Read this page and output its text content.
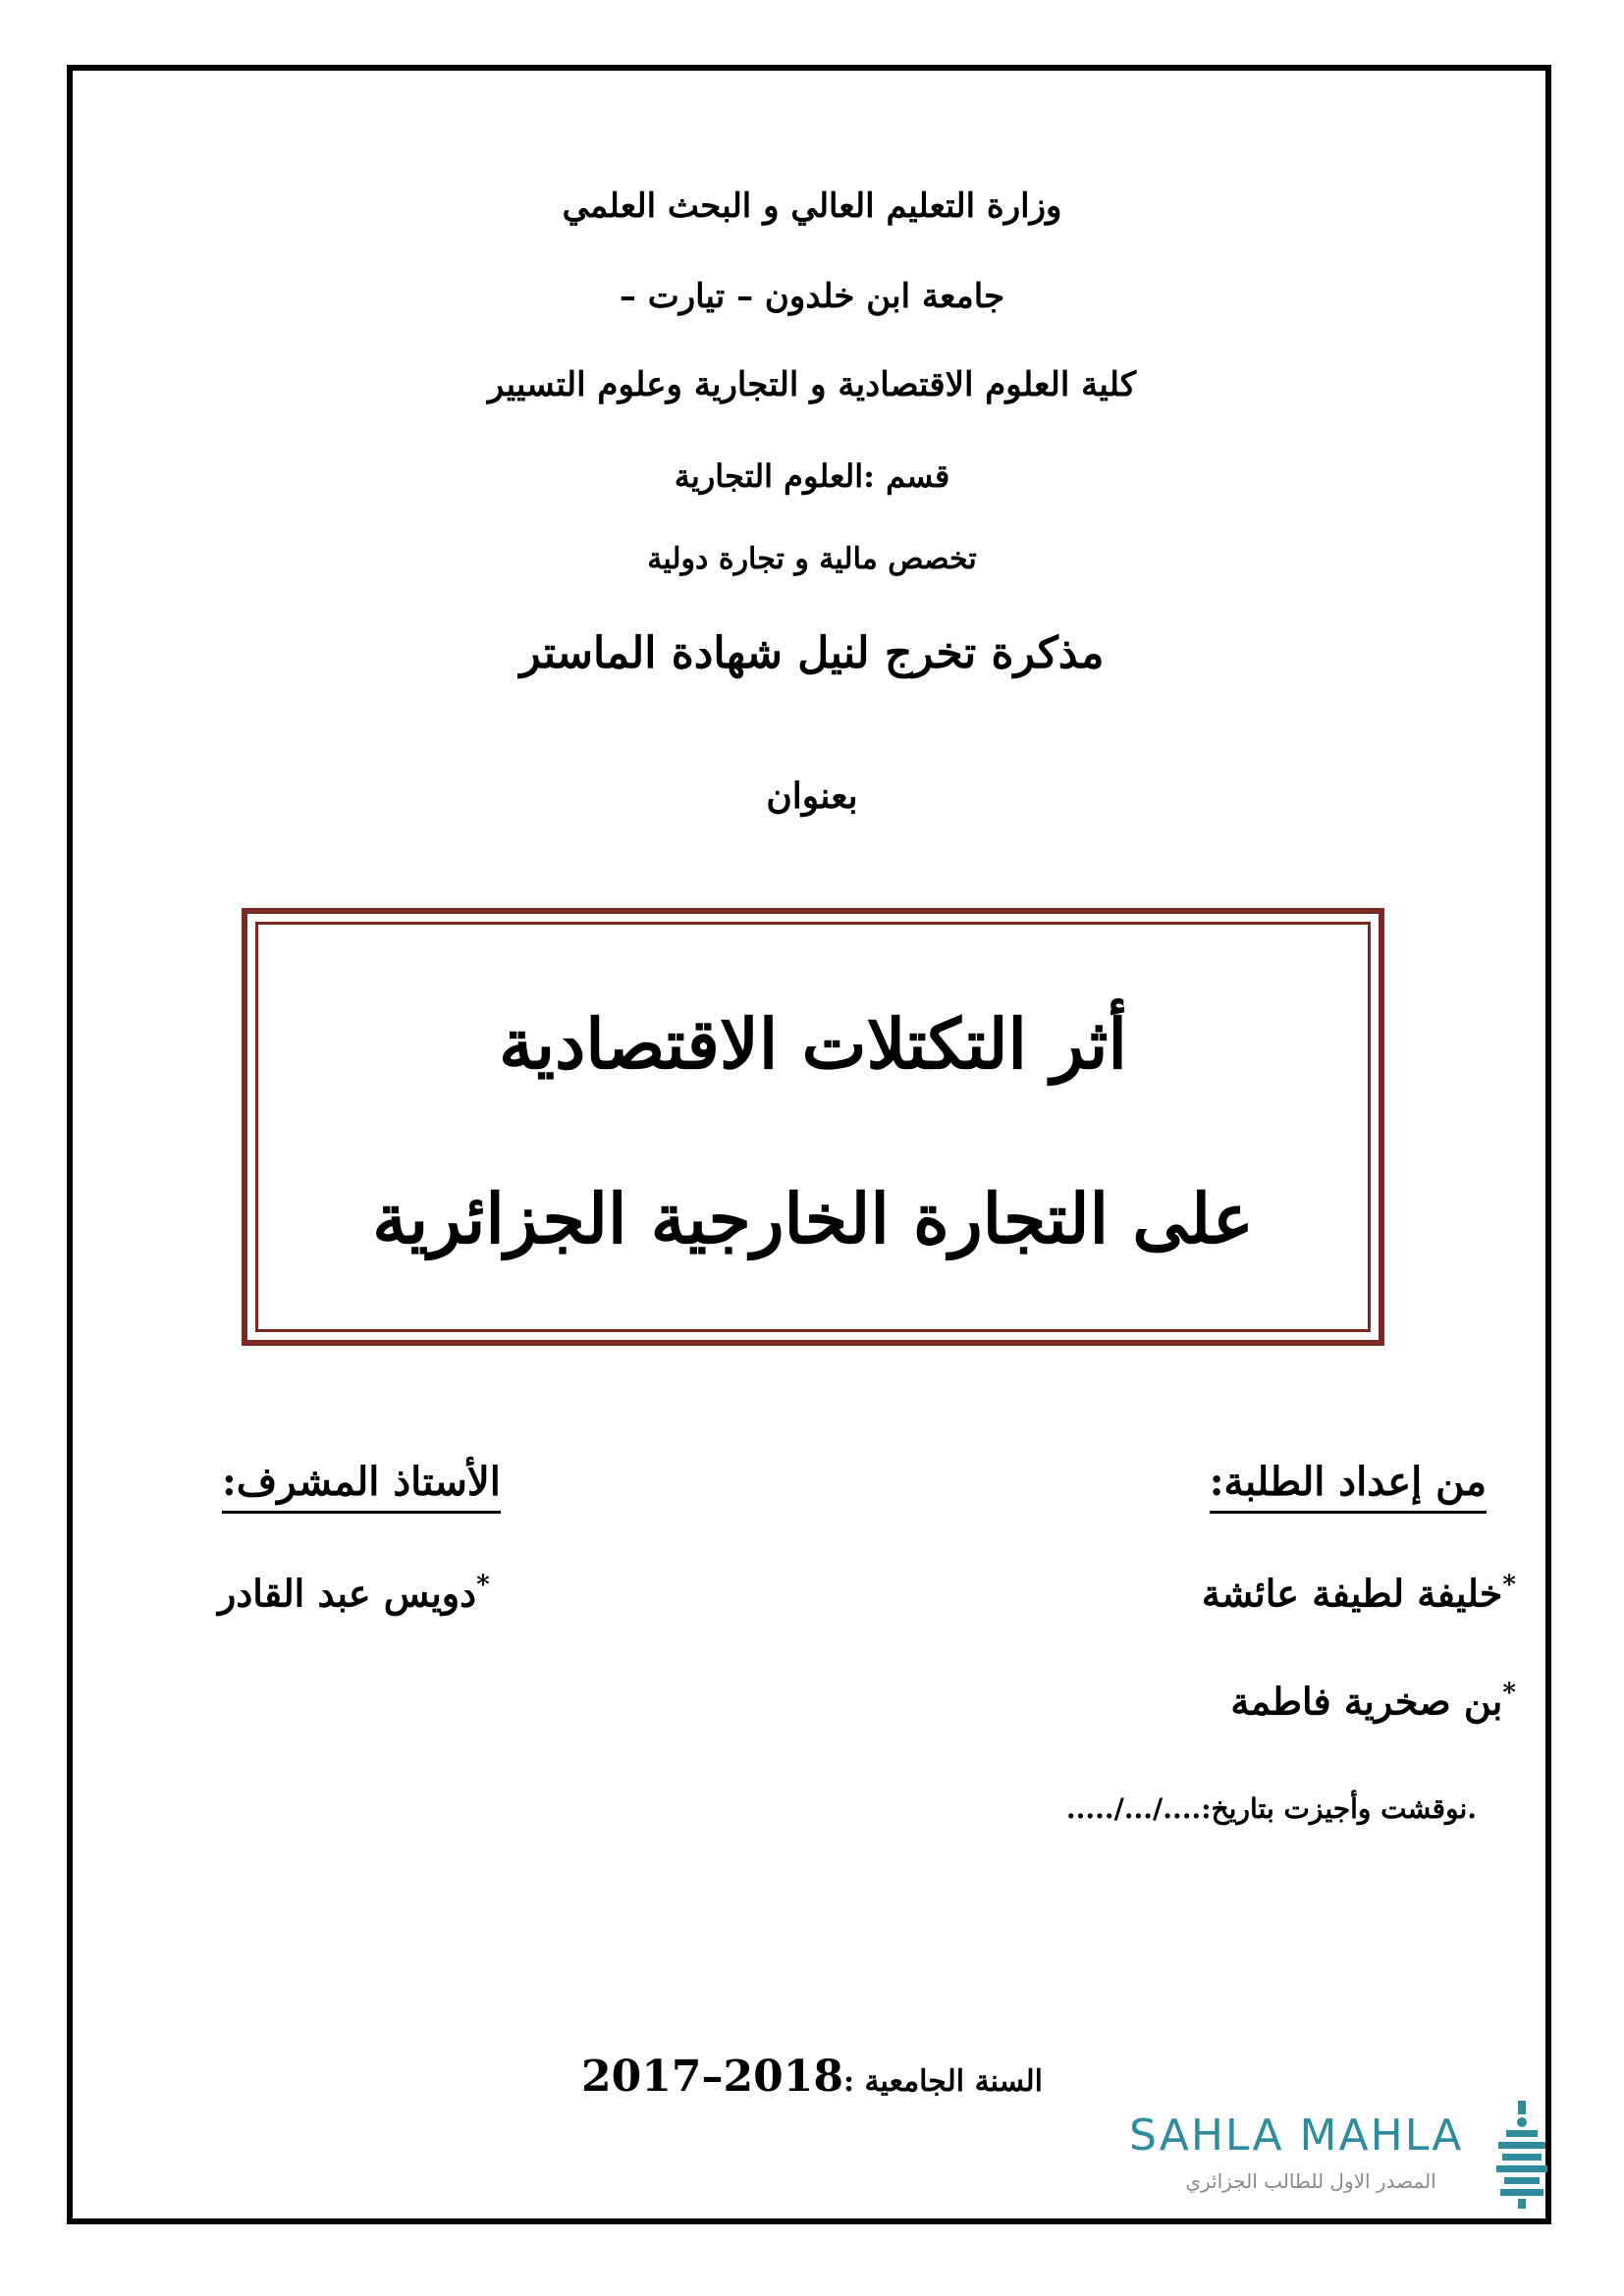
وزارة التعليم العالي و البحث العلمي
جامعة ابن خلدون – تيارت –
كلية العلوم الاقتصادية و التجارية وعلوم التسيير
قسم :العلوم التجارية
تخصص مالية و تجارة دولية
مذكرة تخرج لنيل شهادة الماستر
بعنوان
أثر التكتلات الاقتصادية
على التجارة الخارجية الجزائرية
من إعداد الطلبة:
الأستاذ المشرف:
*خليفة لطيفة عائشة
*بن صخرية فاطمة
*دويس عبد القادر
.نوقشت وأجيزت بتاريخ:..../.../.....
السنة الجامعية :2017–2018
SAHLA MAHLA
المصدر الاول للطالب الجزائري
